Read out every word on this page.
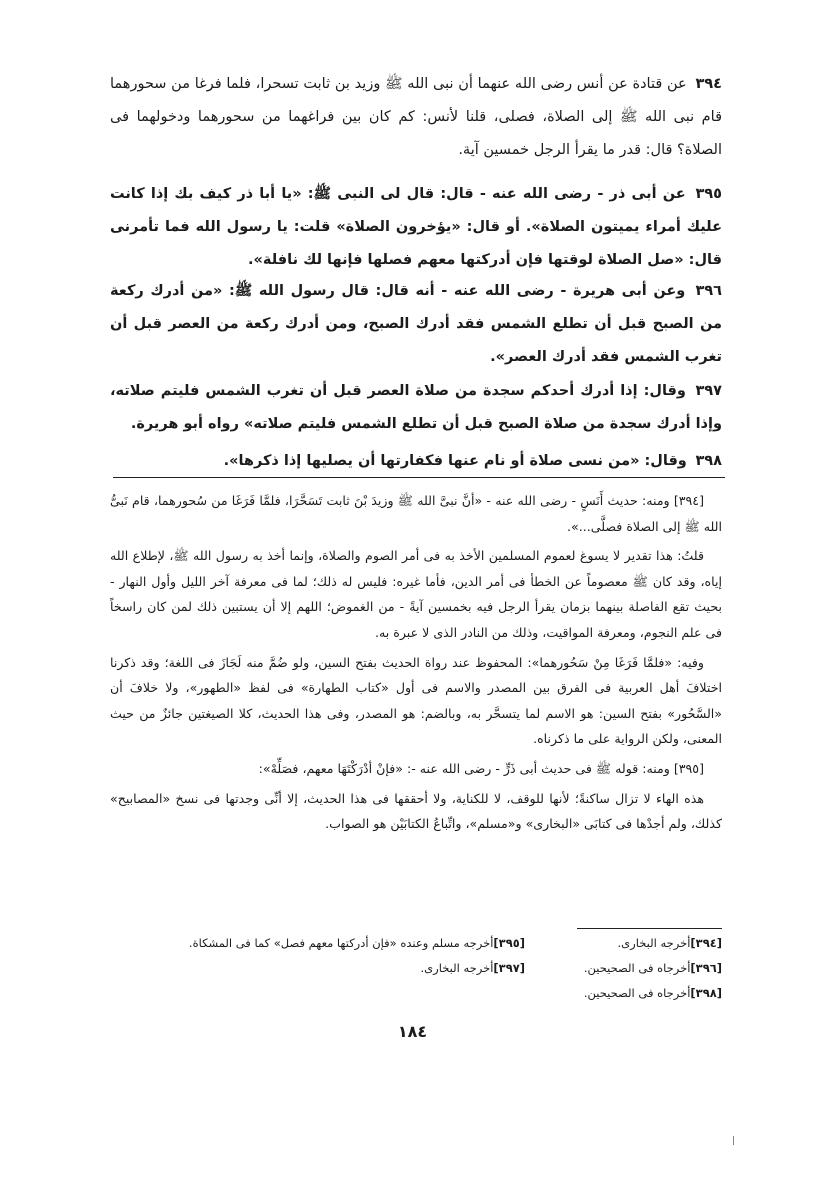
٣٩٤ عن قتادة عن أنس رضى الله عنهما أن نبى الله ﷺ وزيد بن ثابت تسحرا، فلما فرغا من سحورهما قام نبى الله ﷺ إلى الصلاة، فصلى، قلنا لأنس: كم كان بين فراغهما من سحورهما ودخولهما فى الصلاة؟ قال: قدر ما يقرأ الرجل خمسين آية.
٣٩٥ عن أبى ذر - رضى الله عنه - قال: قال لى النبى ﷺ: «يا أبا ذر كيف بك إذا كانت عليك أمراء يميتون الصلاة». أو قال: «يؤخرون الصلاة» قلت: يا رسول الله فما تأمرنى قال: «صل الصلاة لوقتها فإن أدركتها معهم فصلها فإنها لك نافلة».
٣٩٦ وعن أبى هريرة - رضى الله عنه - أنه قال: قال رسول الله ﷺ: «من أدرك ركعة من الصبح قبل أن تطلع الشمس فقد أدرك الصبح، ومن أدرك ركعة من العصر قبل أن تغرب الشمس فقد أدرك العصر».
٣٩٧ وقال: إذا أدرك أحدكم سجدة من صلاة العصر قبل أن تغرب الشمس فليتم صلاته، وإذا أدرك سجدة من صلاة الصبح قبل أن تطلع الشمس فليتم صلاته» رواه أبو هريرة.
٣٩٨ وقال: «من نسى صلاة أو نام عنها فكفارتها أن يصليها إذا ذكرها».

[٣٩٤] ومنه: حديث أَنَسٍ - رضى الله عنه - «أنَّ نبىَّ الله ﷺ وزيدَ بْنَ ثابت تَسَحَّرَا، فلمَّا فَرَغَا من سُحورهما، قام نَبىُّ الله ﷺ إلى الصلاة فصلَّى...».

قلتُ: هذا تقدير لا يسوغ لعموم المسلمين الأخذ به فى أمر الصوم والصلاة، وإنما أخذ به رسول الله ﷺ، لإطلاع الله إياه، وقد كان ﷺ معصوماً عن الخطأ فى أمر الدين، فأما غيره: فليس له ذلك؛ لما فى معرفة آخر الليل وأول النهار - بحيث تقع الفاصلة بينهما بزمان يقرأ الرجل فيه بخمسين آيةً - من الغموض؛ اللهم إلا أن يستبين ذلك لمن كان راسخاً فى علم النجوم، ومعرفة المواقيت، وذلك من النادر الذى لا عبرة به.

وفيه: «فلمَّا فَرَغَا مِنْ سَحُورهما»: المحفوظ عند رواة الحديث بفتح السين، ولو ضُمَّ منه لَجَازَ فى اللغة؛ وقد ذكرنا اختلافَ أهل العربية فى الفرق بين المصدر والاسم فى أول «كتاب الطهارة» فى لفظ «الطهور»، ولا خلافَ أن «السَّحُور» بفتح السين: هو الاسم لما يتسحَّر به، وبالضم: هو المصدر، وفى هذا الحديث، كلا الصيغتين جائزٌ من حيث المعنى، ولكن الرواية على ما ذكرناه.

[٣٩٥] ومنه: قوله ﷺ فى حديث أبى ذَرٍّ - رضى الله عنه -: «فإنْ أدْرَكْتَهَا معهم، فصَلِّهْ»:

هذه الهاء لا تزال ساكنةً؛ لأنها للوقف، لا للكناية، ولا أحققها فى هذا الحديث، إلا أنِّى وجدتها فى نسخ «المصابيح» كذلك، ولم أجدْها فى كتابَى «البخارى» و«مسلم»، واتِّباعُ الكتابَيْن هو الصواب.

[٣٩٤]أخرجه البخارى.
[٣٩٥]أخرجه مسلم وعنده «فإن أدركتها معهم فصل» كما فى المشكاة.
[٣٩٦]أخرجاه فى الصحيحين.
[٣٩٧]أخرجه البخارى.
[٣٩٨]أخرجاه فى الصحيحين.
١٨٤
